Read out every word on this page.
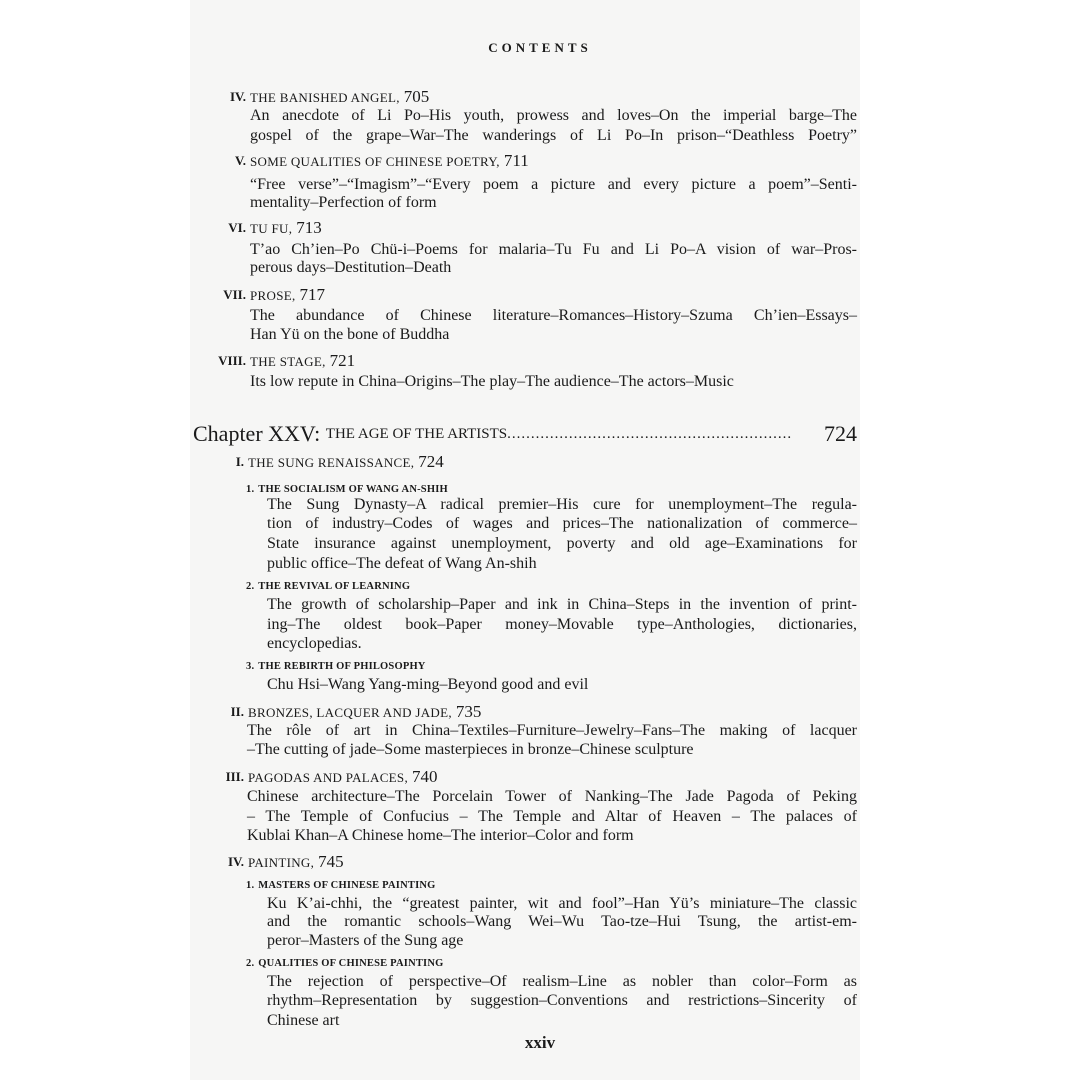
CONTENTS
IV. THE BANISHED ANGEL, 705
An anecdote of Li Po–His youth, prowess and loves–On the imperial barge–The
gospel of the grape–War–The wanderings of Li Po–In prison–“Deathless Poetry”
V. SOME QUALITIES OF CHINESE POETRY, 711
“Free verse”–“Imagism”–“Every poem a picture and every picture a poem”–Senti-
mentality–Perfection of form
VI. TU FU, 713
T’ao Ch’ien–Po Chü-i–Poems for malaria–Tu Fu and Li Po–A vision of war–Pros-
perous days–Destitution–Death
VII. PROSE, 717
The abundance of Chinese literature–Romances–History–Szuma Ch’ien–Essays–
Han Yü on the bone of Buddha
VIII. THE STAGE, 721
Its low repute in China–Origins–The play–The audience–The actors–Music
Chapter XXV:
THE AGE OF THE ARTISTS ............................................................
	724
I. THE SUNG RENAISSANCE, 724
1. THE SOCIALISM OF WANG AN-SHIH
The Sung Dynasty–A radical premier–His cure for unemployment–The regula-
tion of industry–Codes of wages and prices–The nationalization of commerce–
State insurance against unemployment, poverty and old age–Examinations for
public office–The defeat of Wang An-shih
2. THE REVIVAL OF LEARNING
The growth of scholarship–Paper and ink in China–Steps in the invention of print-
ing–The oldest book–Paper money–Movable type–Anthologies, dictionaries,
encyclopedias.
3. THE REBIRTH OF PHILOSOPHY
Chu Hsi–Wang Yang-ming–Beyond good and evil
II. BRONZES, LACQUER AND JADE, 735
The rôle of art in China–Textiles–Furniture–Jewelry–Fans–The making of lacquer
–The cutting of jade–Some masterpieces in bronze–Chinese sculpture
III. PAGODAS AND PALACES, 740
Chinese architecture–The Porcelain Tower of Nanking–The Jade Pagoda of Peking
– The Temple of Confucius – The Temple and Altar of Heaven – The palaces of
Kublai Khan–A Chinese home–The interior–Color and form
IV. PAINTING, 745
1. MASTERS OF CHINESE PAINTING
Ku K’ai-chhi, the “greatest painter, wit and fool”–Han Yü’s miniature–The classic
and the romantic schools–Wang Wei–Wu Tao-tze–Hui Tsung, the artist-em-
peror–Masters of the Sung age
2. QUALITIES OF CHINESE PAINTING
The rejection of perspective–Of realism–Line as nobler than color–Form as
rhythm–Representation by suggestion–Conventions and restrictions–Sincerity of
Chinese art
xxiv
